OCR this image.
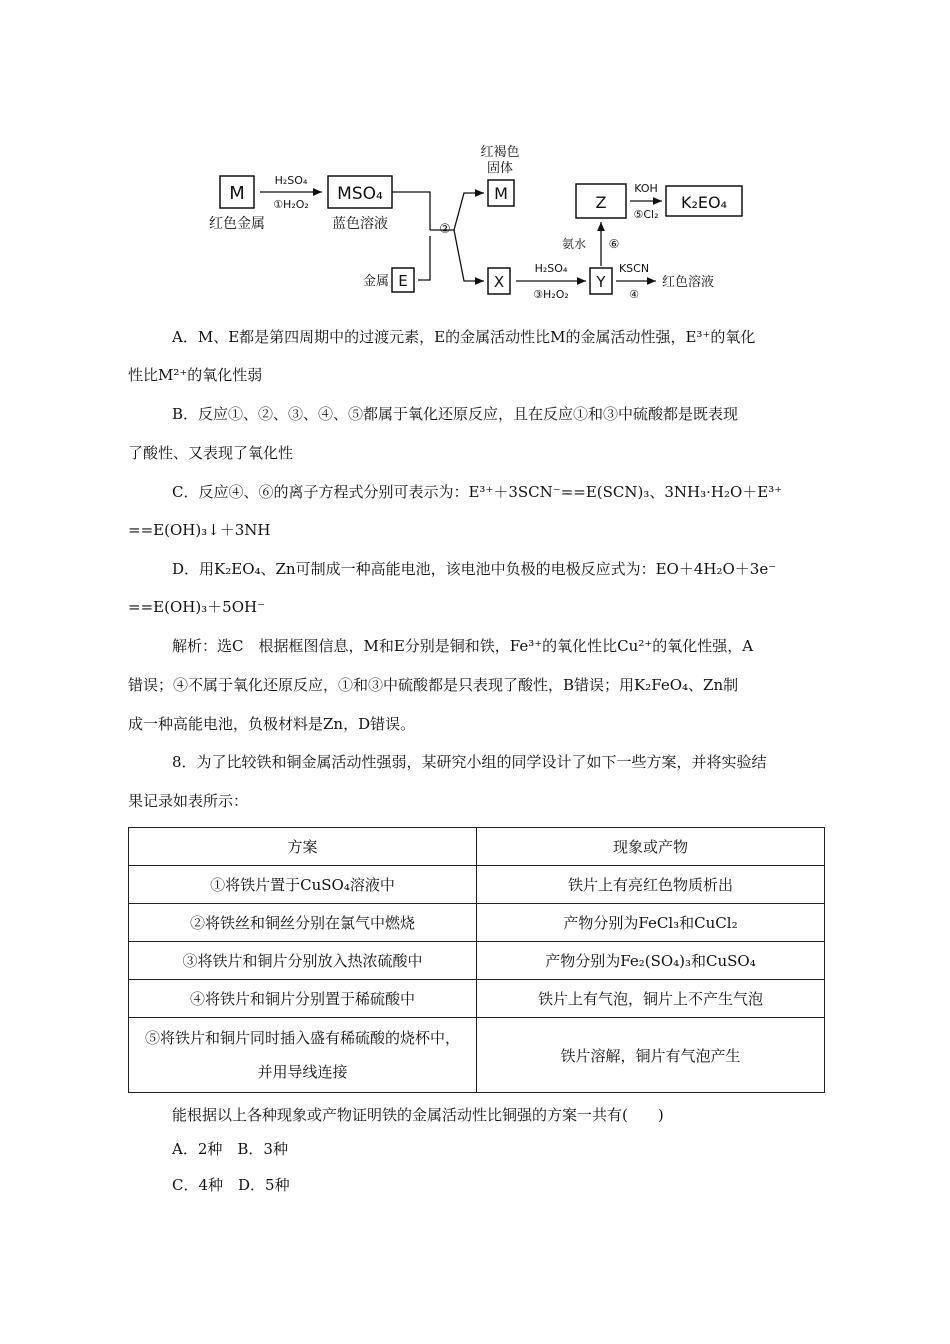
M
红色金属
H₂SO₄
①H₂O₂
MSO₄
蓝色溶液	②
金属 E
红褐色
固体
M
X
H₂SO₄
③H₂O₂
Y
KSCN
④
红色溶液
氨水 ⑥
Z
KOH
⑤Cl₂
K₂EO₄
A．M、E都是第四周期中的过渡元素，E的金属活动性比M的金属活动性强，E³⁺的氧化
性比M²⁺的氧化性弱
B．反应①、②、③、④、⑤都属于氧化还原反应，且在反应①和③中硫酸都是既表现
了酸性、又表现了氧化性
C．反应④、⑥的离子方程式分别可表示为：E³⁺＋3SCN⁻==E(SCN)₃、3NH₃·H₂O＋E³⁺
==E(OH)₃↓＋3NH
D．用K₂EO₄、Zn可制成一种高能电池，该电池中负极的电极反应式为：EO＋4H₂O＋3e⁻
==E(OH)₃＋5OH⁻
解析：选C　根据框图信息，M和E分别是铜和铁，Fe³⁺的氧化性比Cu²⁺的氧化性强，A
错误；④不属于氧化还原反应，①和③中硫酸都是只表现了酸性，B错误；用K₂FeO₄、Zn制
成一种高能电池，负极材料是Zn，D错误。
8．为了比较铁和铜金属活动性强弱，某研究小组的同学设计了如下一些方案，并将实验结
果记录如表所示：
方案	现象或产物
①将铁片置于CuSO₄溶液中	铁片上有亮红色物质析出
②将铁丝和铜丝分别在氯气中燃烧	产物分别为FeCl₃和CuCl₂
③将铁片和铜片分别放入热浓硫酸中	产物分别为Fe₂(SO₄)₃和CuSO₄
④将铁片和铜片分别置于稀硫酸中	铁片上有气泡，铜片上不产生气泡

⑤将铁片和铜片同时插入盛有稀硫酸的烧杯中，
并用导线连接	铁片溶解，铜片有气泡产生
能根据以上各种现象或产物证明铁的金属活动性比铜强的方案一共有(　　)
A．2种　B．3种
C．4种　D．5种
